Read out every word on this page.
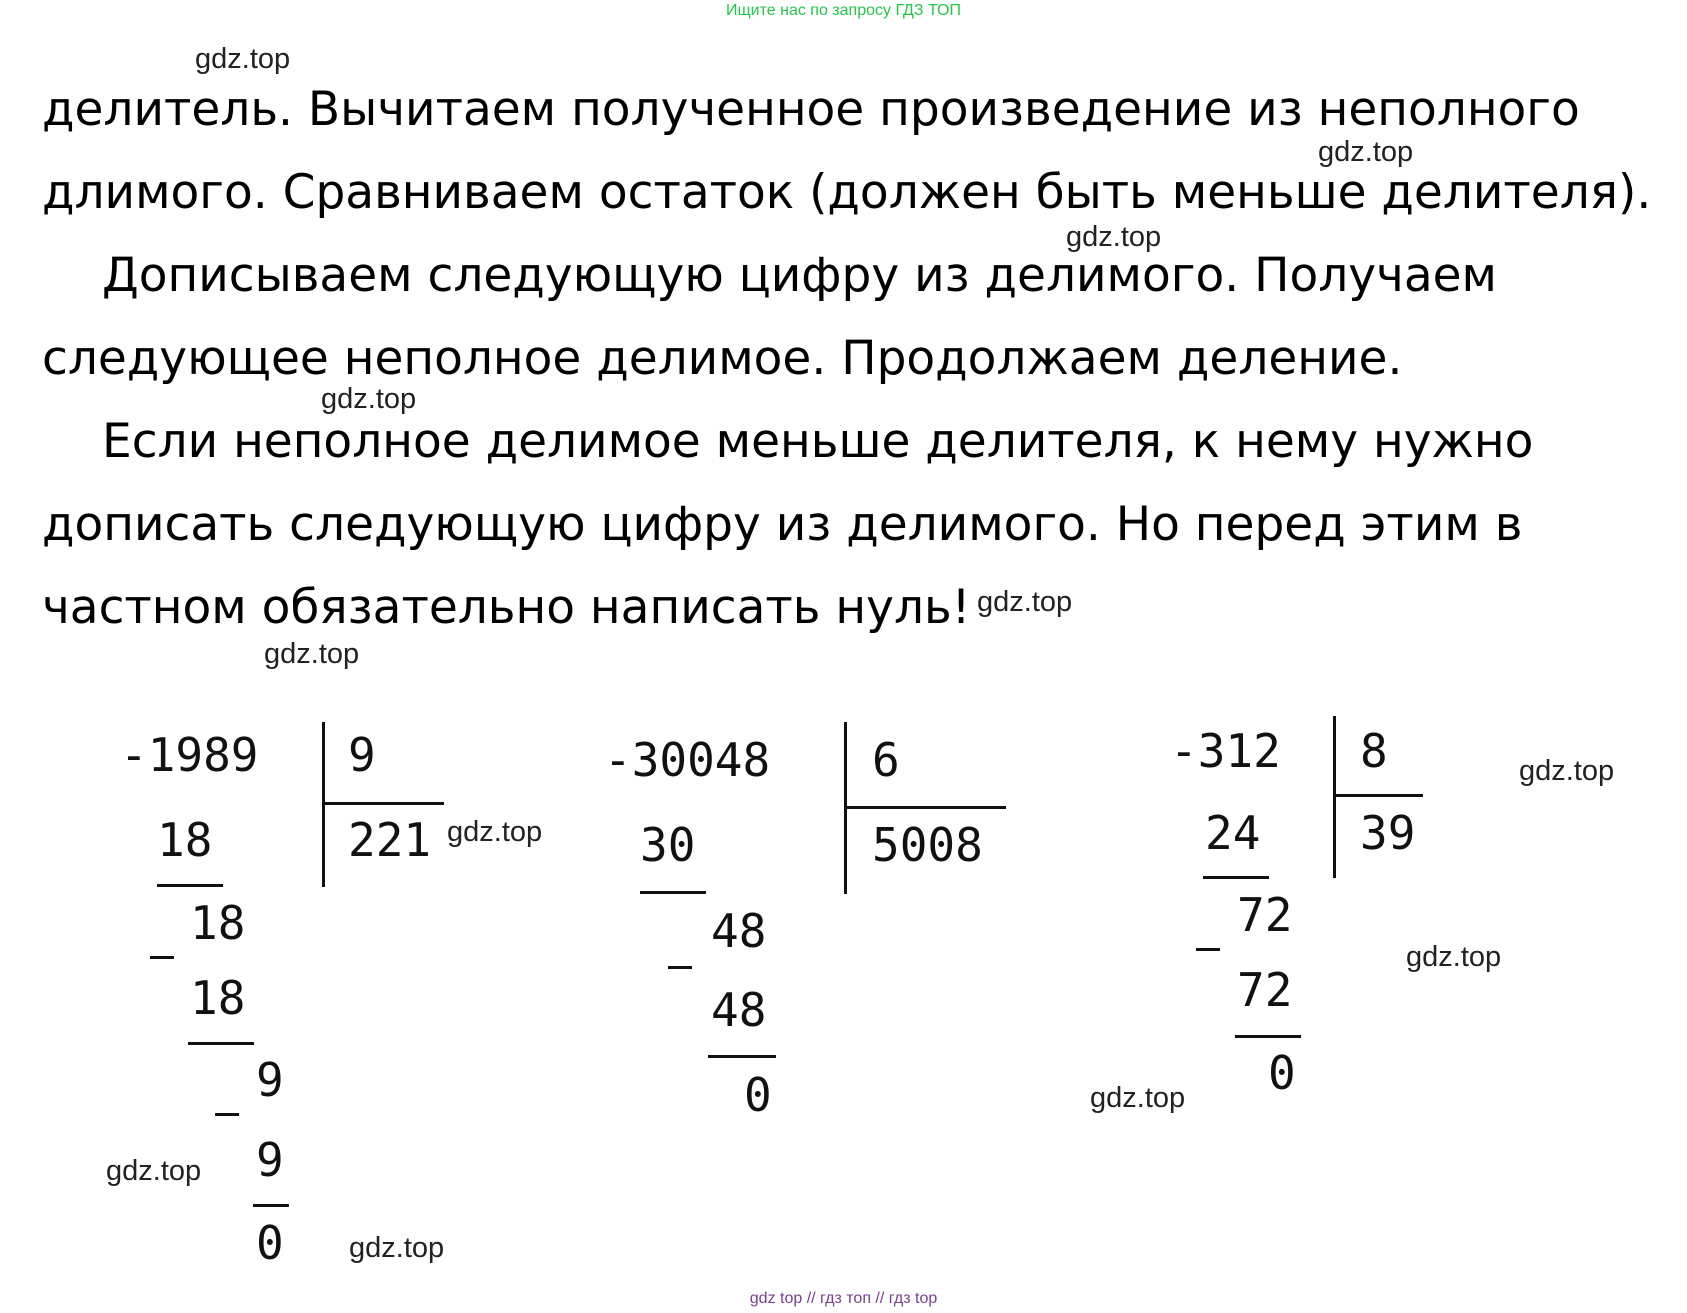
Ищите нас по запросу ГДЗ ТОП
gdz top // гдз топ // гдз top
делитель. Вычитаем полученное произведение из неполного
длимого. Сравниваем остаток (должен быть меньше делителя).
Дописываем следующую цифру из делимого. Получаем
следующее неполное делимое. Продолжаем деление.
Если неполное делимое меньше делителя, к нему нужно
дописать следующую цифру из делимого. Но перед этим в
частном обязательно написать нуль!
gdz.top
gdz.top
gdz.top
gdz.top
gdz.top
gdz.top
gdz.top
gdz.top
gdz.top
gdz.top
gdz.top
gdz.top
-1989 9
221
18
18
18
9
9
0
-30048 6
5008
30
48
48
0
-312 8
39
24
72
72
0
